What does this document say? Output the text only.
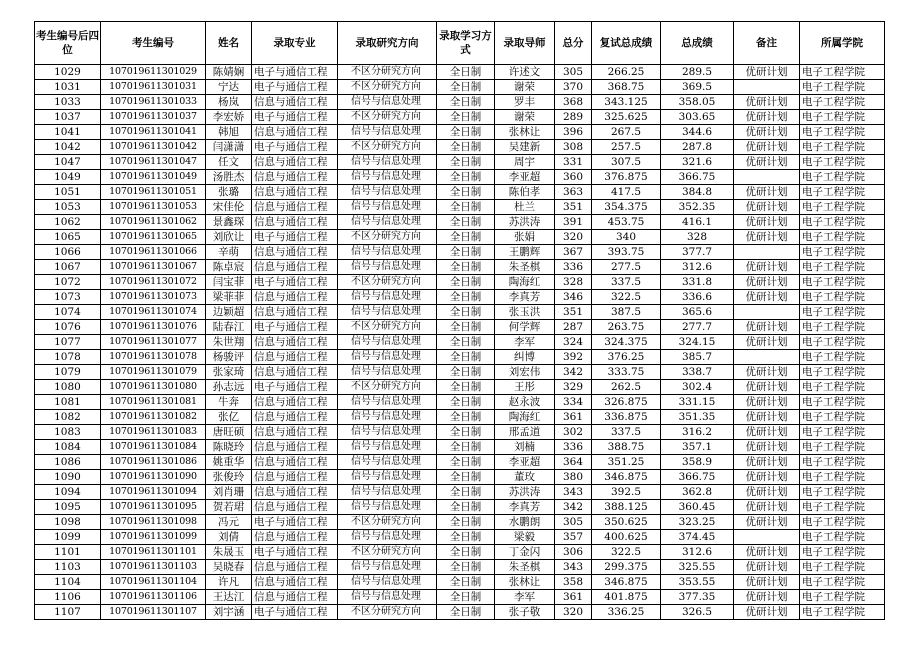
考生编号后四位	考生编号	姓名	录取专业	录取研究方向	录取学习方式	录取导师	总分	复试总成绩	总成绩	备注	所属学院
1029	107019611301029	陈婧娴	电子与通信工程	不区分研究方向	全日制	许述文	305	266.25	289.5	优研计划	电子工程学院
1031	107019611301031	宁达	电子与通信工程	不区分研究方向	全日制	谢荣	370	368.75	369.5		电子工程学院
1033	107019611301033	杨岚	信息与通信工程	信号与信息处理	全日制	罗丰	368	343.125	358.05	优研计划	电子工程学院
1037	107019611301037	李宏娇	电子与通信工程	不区分研究方向	全日制	谢荣	289	325.625	303.65	优研计划	电子工程学院
1041	107019611301041	韩旭	信息与通信工程	信号与信息处理	全日制	张林让	396	267.5	344.6	优研计划	电子工程学院
1042	107019611301042	闫潇潇	电子与通信工程	不区分研究方向	全日制	吴建新	308	257.5	287.8	优研计划	电子工程学院
1047	107019611301047	任文	信息与通信工程	信号与信息处理	全日制	周宇	331	307.5	321.6	优研计划	电子工程学院
1049	107019611301049	汤胜杰	信息与通信工程	信号与信息处理	全日制	李亚超	360	376.875	366.75		电子工程学院
1051	107019611301051	张璐	信息与通信工程	信号与信息处理	全日制	陈伯孝	363	417.5	384.8	优研计划	电子工程学院
1053	107019611301053	宋佳伦	信息与通信工程	信号与信息处理	全日制	杜兰	351	354.375	352.35	优研计划	电子工程学院
1062	107019611301062	景鑫琛	信息与通信工程	信号与信息处理	全日制	苏洪涛	391	453.75	416.1	优研计划	电子工程学院
1065	107019611301065	刘欣让	电子与通信工程	不区分研究方向	全日制	张娟	320	340	328	优研计划	电子工程学院
1066	107019611301066	辛萌	信息与通信工程	信号与信息处理	全日制	王鹏辉	367	393.75	377.7		电子工程学院
1067	107019611301067	陈卓宸	信息与通信工程	信号与信息处理	全日制	朱圣棋	336	277.5	312.6	优研计划	电子工程学院
1072	107019611301072	闫宝菲	电子与通信工程	不区分研究方向	全日制	陶海红	328	337.5	331.8	优研计划	电子工程学院
1073	107019611301073	梁菲菲	信息与通信工程	信号与信息处理	全日制	李真芳	346	322.5	336.6	优研计划	电子工程学院
1074	107019611301074	边颖超	信息与通信工程	信号与信息处理	全日制	张玉洪	351	387.5	365.6		电子工程学院
1076	107019611301076	陆春江	电子与通信工程	不区分研究方向	全日制	何学辉	287	263.75	277.7	优研计划	电子工程学院
1077	107019611301077	朱世翔	信息与通信工程	信号与信息处理	全日制	李军	324	324.375	324.15	优研计划	电子工程学院
1078	107019611301078	杨骏评	信息与通信工程	信号与信息处理	全日制	纠博	392	376.25	385.7		电子工程学院
1079	107019611301079	张家琦	信息与通信工程	信号与信息处理	全日制	刘宏伟	342	333.75	338.7	优研计划	电子工程学院
1080	107019611301080	孙志远	电子与通信工程	不区分研究方向	全日制	王彤	329	262.5	302.4	优研计划	电子工程学院
1081	107019611301081	牛奔	信息与通信工程	信号与信息处理	全日制	赵永波	334	326.875	331.15	优研计划	电子工程学院
1082	107019611301082	张亿	信息与通信工程	信号与信息处理	全日制	陶海红	361	336.875	351.35	优研计划	电子工程学院
1083	107019611301083	唐旺硕	信息与通信工程	信号与信息处理	全日制	邢孟道	302	337.5	316.2	优研计划	电子工程学院
1084	107019611301084	陈晓玲	信息与通信工程	信号与信息处理	全日制	刘楠	336	388.75	357.1	优研计划	电子工程学院
1086	107019611301086	姚重华	信息与通信工程	信号与信息处理	全日制	李亚超	364	351.25	358.9	优研计划	电子工程学院
1090	107019611301090	张俊玲	信息与通信工程	信号与信息处理	全日制	董玫	380	346.875	366.75	优研计划	电子工程学院
1094	107019611301094	刘肖珊	信息与通信工程	信号与信息处理	全日制	苏洪涛	343	392.5	362.8	优研计划	电子工程学院
1095	107019611301095	贺若珺	信息与通信工程	信号与信息处理	全日制	李真芳	342	388.125	360.45	优研计划	电子工程学院
1098	107019611301098	冯元	电子与通信工程	不区分研究方向	全日制	水鹏朗	305	350.625	323.25	优研计划	电子工程学院
1099	107019611301099	刘倩	信息与通信工程	信号与信息处理	全日制	梁毅	357	400.625	374.45		电子工程学院
1101	107019611301101	朱晟玉	电子与通信工程	不区分研究方向	全日制	丁金闪	306	322.5	312.6	优研计划	电子工程学院
1103	107019611301103	吴晓春	信息与通信工程	信号与信息处理	全日制	朱圣棋	343	299.375	325.55	优研计划	电子工程学院
1104	107019611301104	许凡	信息与通信工程	信号与信息处理	全日制	张林让	358	346.875	353.55	优研计划	电子工程学院
1106	107019611301106	王达江	信息与通信工程	信号与信息处理	全日制	李军	361	401.875	377.35	优研计划	电子工程学院
1107	107019611301107	刘宇涵	电子与通信工程	不区分研究方向	全日制	张子敬	320	336.25	326.5	优研计划	电子工程学院
